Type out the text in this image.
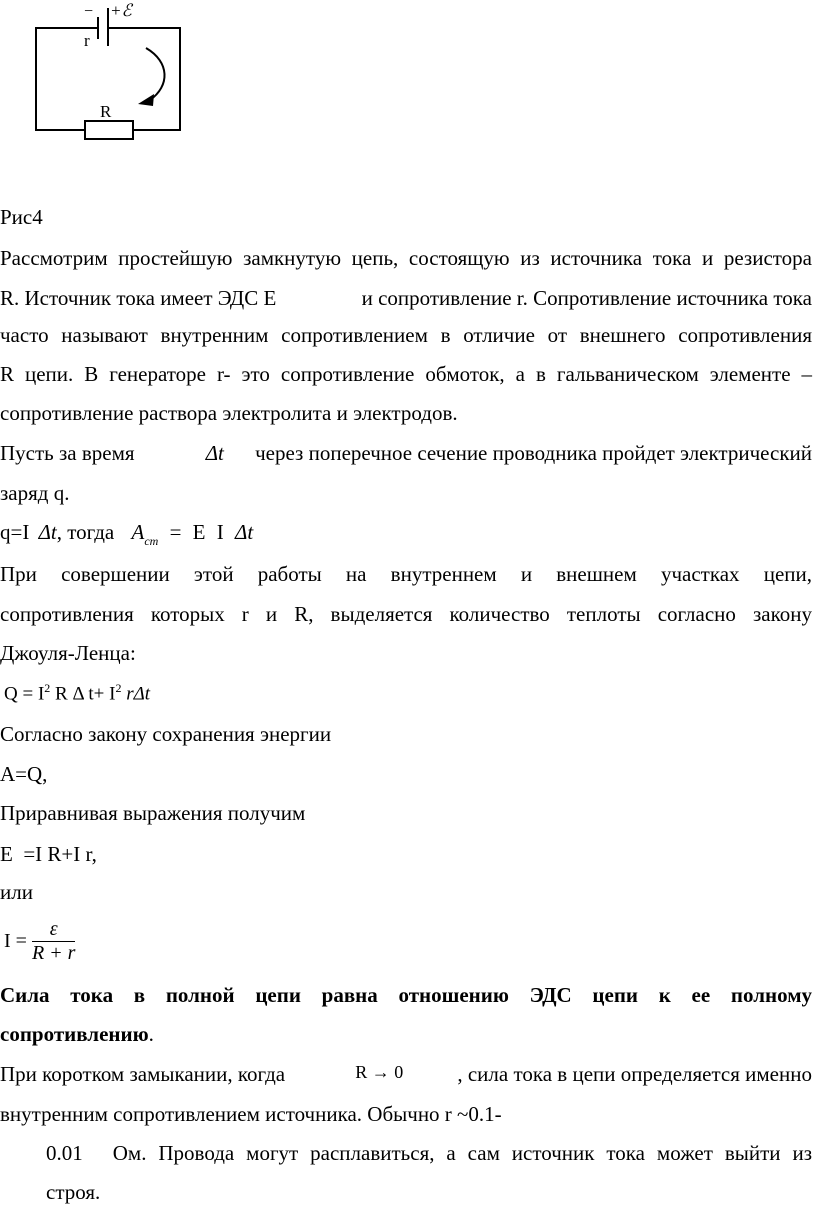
− +ℰ
r
R
Рис4
Рассмотрим простейшую замкнутую цепь, состоящую из источника тока и резистора
R. Источник тока имеет ЭДС Е	и сопротивление r. Сопротивление источника тока
часто называют внутренним сопротивлением в отличие от внешнего сопротивления
R цепи. В генераторе r- это сопротивление обмоток, а в гальваническом элементе –
сопротивление раствора электролита и электродов.
Пусть за время	Δt через поперечное сечение проводника пройдет электрический
заряд q.
q=I Δt, тогда $A_{ст} = Е$ I Δt
При совершении этой работы на внутреннем и внешнем участках цепи,
сопротивления которых r и R, выделяется количество теплоты согласно закону
Джоуля-Ленца:
$Q = I^2$ R Δ $t+ I^2$ rΔt
Согласно закону сохранения энергии
A=Q,
Приравнивая выражения получим
Е =I R+I r,
или
$I = \frac{\varepsilon}{R + r}$
Сила тока в полной цепи равна отношению ЭДС цепи к ее полному
сопротивлению.
При коротком замыкании, когда	R → 0	, сила тока в цепи определяется именно
внутренним сопротивлением источника. Обычно r ~0.1-
0.01 Ом. Провода могут расплавиться, а сам источник тока может выйти из
строя.
